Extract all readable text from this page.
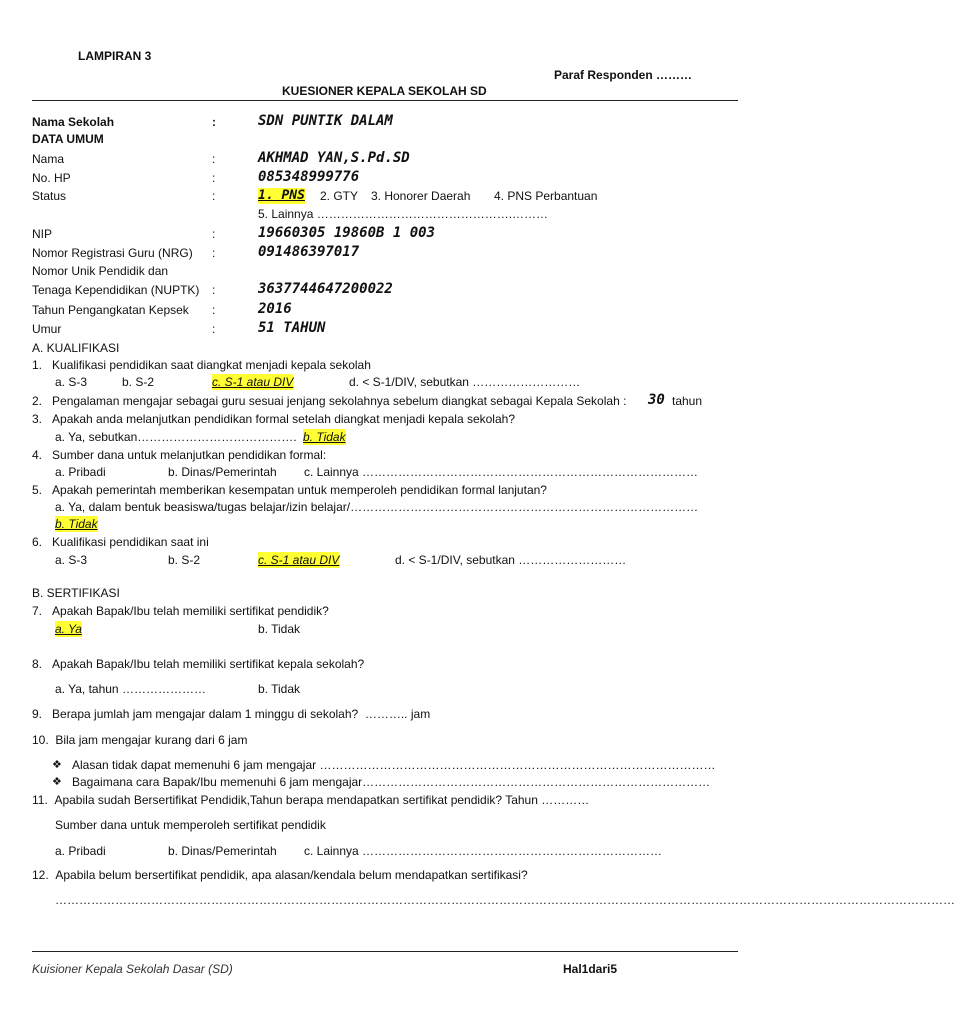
LAMPIRAN 3
Paraf Responden ………
KUESIONER KEPALA SEKOLAH SD
Nama Sekolah	:	SDN PUNTIK DALAM
DATA UMUM
Nama	:	AKHMAD YAN,S.Pd.SD
No. HP	:	085348999776
Status	:	1. PNS 2. GTY 3. Honorer Daerah 4. PNS Perbantuan
5. Lainnya ………………………………………….………
NIP	:	19660305 19860B 1 003
Nomor Registrasi Guru (NRG) :	091486397017
Nomor Unik Pendidik dan
Tenaga Kependidikan (NUPTK) :	3637744647200022
Tahun Pengangkatan Kepsek :	2016
Umur	:	51 TAHUN
A. KUALIFIKASI
1.   Kualifikasi pendidikan saat diangkat menjadi kepala sekolah
a. S-3	b. S-2	c. S-1 atau DIV	d. < S-1/DIV, sebutkan ………………………
2.   Pengalaman mengajar sebagai guru sesuai jenjang sekolahnya sebelum diangkat sebagai Kepala Sekolah : 30 tahun
3.   Apakah anda melanjutkan pendidikan formal setelah diangkat menjadi kepala sekolah?
a. Ya, sebutkan…………………………………. b. Tidak
4.   Sumber dana untuk melanjutkan pendidikan formal:
a. Pribadi	b. Dinas/Pemerintah c. Lainnya …………………………………………………………………………
5.   Apakah pemerintah memberikan kesempatan untuk memperoleh pendidikan formal lanjutan?
a. Ya, dalam bentuk beasiswa/tugas belajar/izin belajar/……………………………………………………………………………
b. Tidak
6.   Kualifikasi pendidikan saat ini
a. S-3	b. S-2	c. S-1 atau DIV	d. < S-1/DIV, sebutkan ………………………
B. SERTIFIKASI
7.   Apakah Bapak/Ibu telah memiliki sertifikat pendidik?
a. Ya	b. Tidak
8.   Apakah Bapak/Ibu telah memiliki sertifikat kepala sekolah?
a. Ya, tahun …………………	b. Tidak
9.   Berapa jumlah jam mengajar dalam 1 minggu di sekolah?  ……….. jam
10.  Bila jam mengajar kurang dari 6 jam
❖ Alasan tidak dapat memenuhi 6 jam mengajar ………………………………………………………………………………………
❖ Bagaimana cara Bapak/Ibu memenuhi 6 jam mengajar……………………………………………………………………………
11.  Apabila sudah Bersertifikat Pendidik,Tahun berapa mendapatkan sertifikat pendidik? Tahun …………
Sumber dana untuk memperoleh sertifikat pendidik
a. Pribadi	b. Dinas/Pemerintah c. Lainnya …………………………………………………………………
12.  Apabila belum bersertifikat pendidik, apa alasan/kendala belum mendapatkan sertifikasi?
………………………………………………………………………………………………………………………………………………………………………………………………………
Kuisioner Kepala Sekolah Dasar (SD)	Hal1dari5
